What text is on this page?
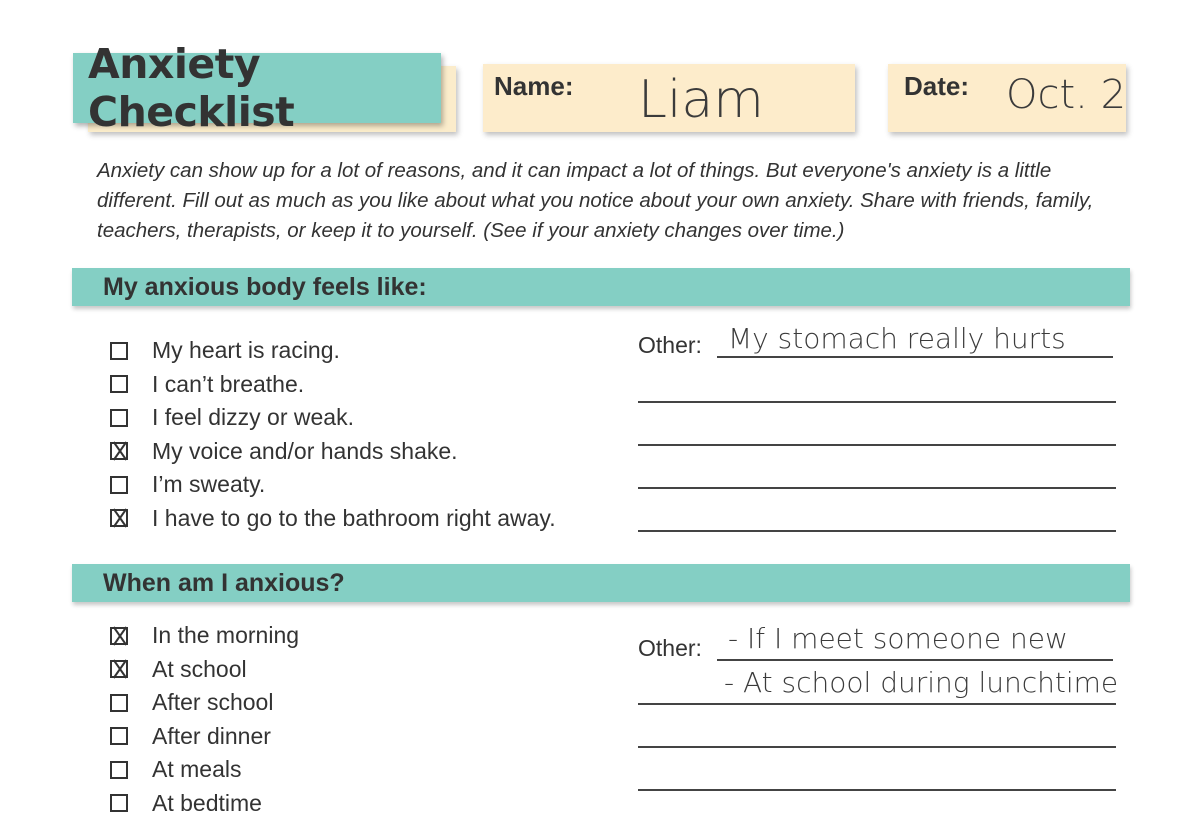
Anxiety Checklist
Name: Liam	Date: Oct. 2

Anxiety can show up for a lot of reasons, and it can impact a lot of things. But everyone's anxiety is a little different. Fill out as much as you like about what you notice about your own anxiety. Share with friends, family, teachers, therapists, or keep it to yourself. (See if your anxiety changes over time.)

My anxious body feels like:
My heart is racing.
I can’t breathe.
I feel dizzy or weak.
My voice and/or hands shake.
I’m sweaty.
I have to go to the bathroom right away.
Other: My stomach really hurts
When am I anxious?
In the morning
At school
After school
After dinner
At meals
At bedtime
Other: - If I meet someone new
- At school during lunchtime
